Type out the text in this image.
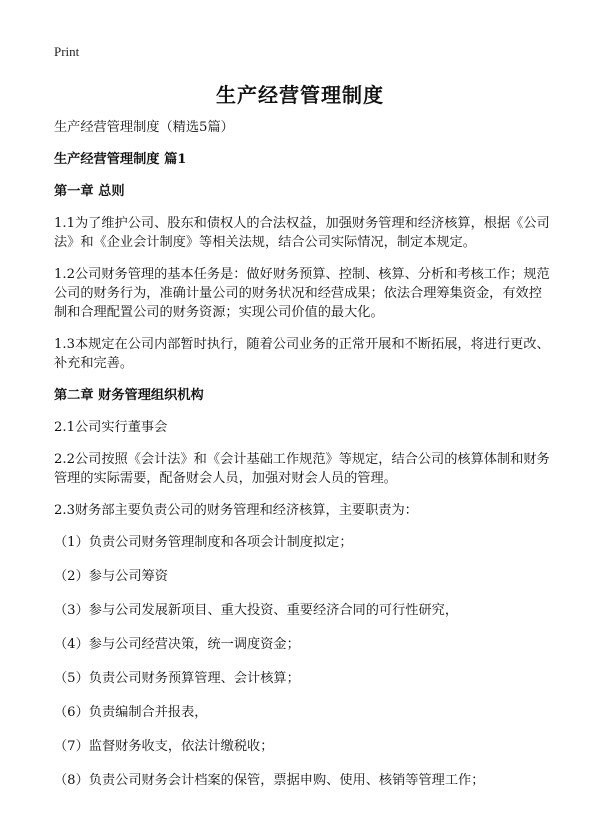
Print
生产经营管理制度

生产经营管理制度（精选5篇）

生产经营管理制度 篇1

第一章 总则

1.1为了维护公司、股东和债权人的合法权益，加强财务管理和经济核算，根据《公司法》和《企业会计制度》等相关法规，结合公司实际情况，制定本规定。

1.2公司财务管理的基本任务是：做好财务预算、控制、核算、分析和考核工作；规范公司的财务行为，准确计量公司的财务状况和经营成果；依法合理筹集资金，有效控制和合理配置公司的财务资源；实现公司价值的最大化。

1.3本规定在公司内部暂时执行，随着公司业务的正常开展和不断拓展，将进行更改、补充和完善。

第二章 财务管理组织机构

2.1公司实行董事会

2.2公司按照《会计法》和《会计基础工作规范》等规定，结合公司的核算体制和财务管理的实际需要，配备财会人员，加强对财会人员的管理。

2.3财务部主要负责公司的财务管理和经济核算，主要职责为：

（1）负责公司财务管理制度和各项会计制度拟定；

（2）参与公司筹资

（3）参与公司发展新项目、重大投资、重要经济合同的可行性研究，

（4）参与公司经营决策，统一调度资金；

（5）负责公司财务预算管理、会计核算；

（6）负责编制合并报表，

（7）监督财务收支，依法计缴税收；

（8）负责公司财务会计档案的保管，票据申购、使用、核销等管理工作；
